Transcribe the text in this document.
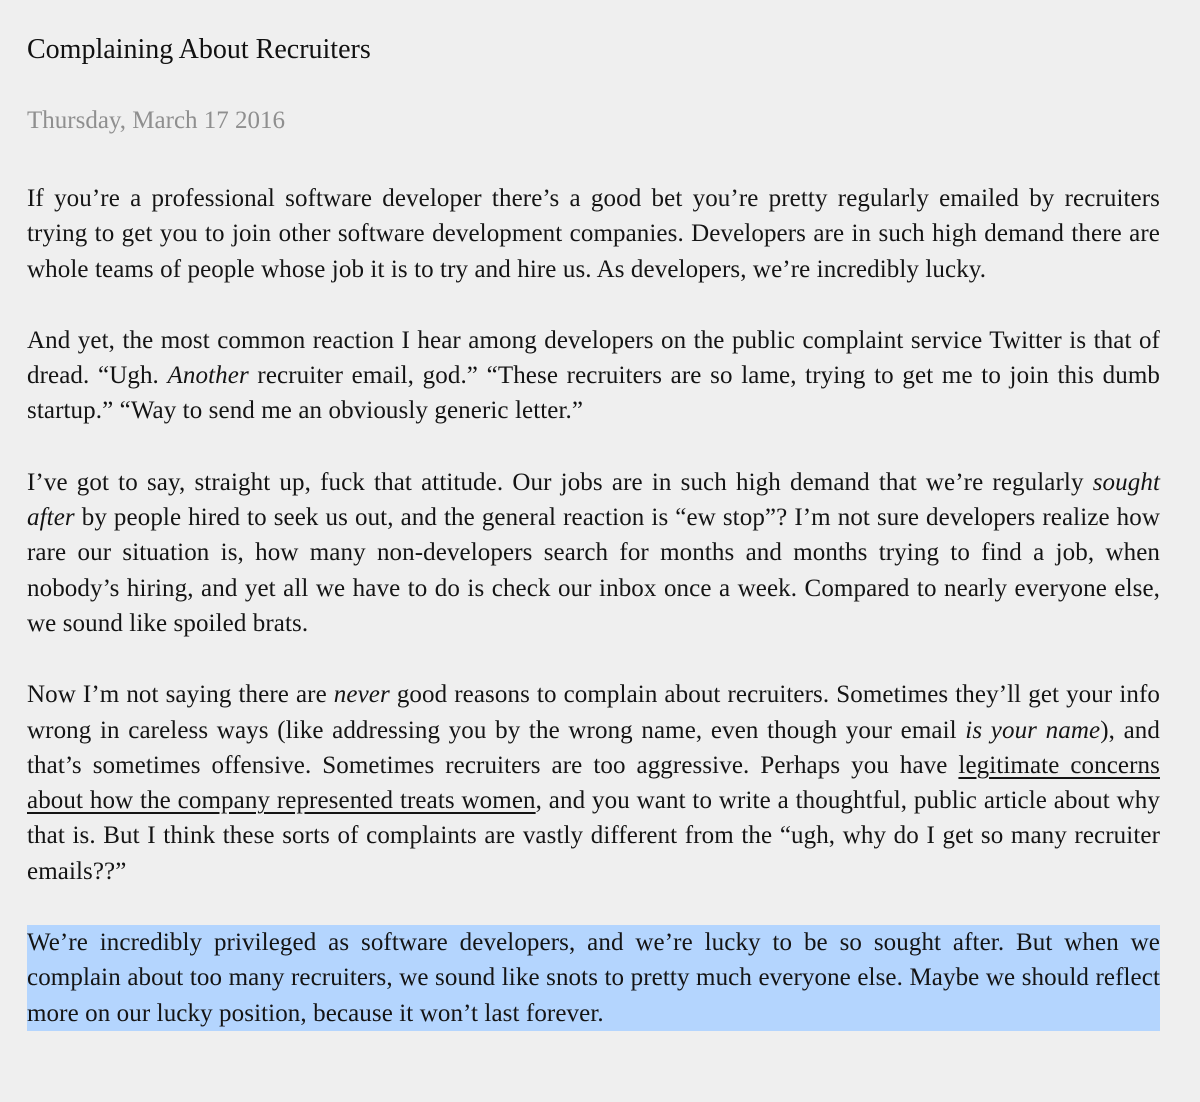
Complaining About Recruiters
Thursday, March 17 2016

If you’re a professional software developer there’s a good bet you’re pretty regularly emailed by recruiters trying to get you to join other software development companies. Developers are in such high demand there are whole teams of people whose job it is to try and hire us. As developers, we’re incredibly lucky.

And yet, the most common reaction I hear among developers on the public complaint service Twitter is that of dread. “Ugh. Another recruiter email, god.” “These recruiters are so lame, trying to get me to join this dumb startup.” “Way to send me an obviously generic letter.”

I’ve got to say, straight up, fuck that attitude. Our jobs are in such high demand that we’re regularly sought after by people hired to seek us out, and the general reaction is “ew stop”? I’m not sure developers realize how rare our situation is, how many non-developers search for months and months trying to find a job, when nobody’s hiring, and yet all we have to do is check our inbox once a week. Compared to nearly everyone else, we sound like spoiled brats.

Now I’m not saying there are never good reasons to complain about recruiters. Sometimes they’ll get your info wrong in careless ways (like addressing you by the wrong name, even though your email is your name), and that’s sometimes offensive. Sometimes recruiters are too aggressive. Perhaps you have legitimate concerns about how the company represented treats women, and you want to write a thoughtful, public article about why that is. But I think these sorts of complaints are vastly different from the “ugh, why do I get so many recruiter emails??”

We’re incredibly privileged as software developers, and we’re lucky to be so sought after. But when we complain about too many recruiters, we sound like snots to pretty much everyone else. Maybe we should reflect more on our lucky position, because it won’t last forever.
